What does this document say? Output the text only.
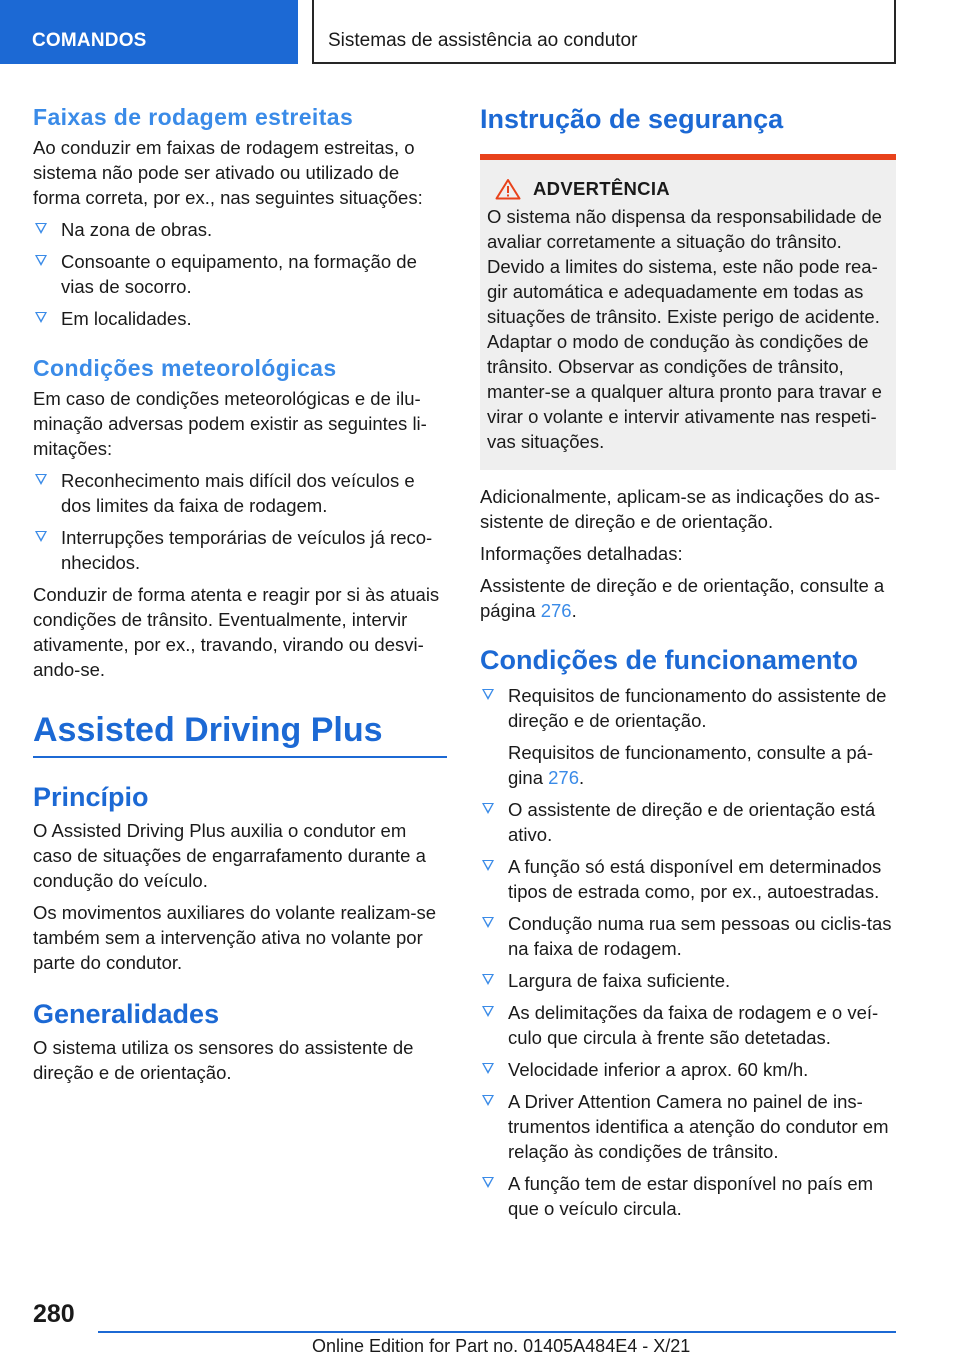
COMANDOS	Sistemas de assistência ao condutor
Faixas de rodagem estreitas

Ao conduzir em faixas de rodagem estreitas, o sistema não pode ser ativado ou utilizado de forma correta, por ex., nas seguintes situações:

Na zona de obras.
Consoante o equipamento, na formação de vias de socorro.
Em localidades.
Condições meteorológicas

Em caso de condições meteorológicas e de ilu-minação adversas podem existir as seguintes li-mitações:

Reconhecimento mais difícil dos veículos e dos limites da faixa de rodagem.
Interrupções temporárias de veículos já reco-nhecidos.

Conduzir de forma atenta e reagir por si às atuais condições de trânsito. Eventualmente, intervir ativamente, por ex., travando, virando ou desvi-ando-se.

Assisted Driving Plus
Princípio

O Assisted Driving Plus auxilia o condutor em caso de situações de engarrafamento durante a condução do veículo.

Os movimentos auxiliares do volante realizam-se também sem a intervenção ativa no volante por parte do condutor.

Generalidades

O sistema utiliza os sensores do assistente de direção e de orientação.

Instrução de segurança
ADVERTÊNCIA

O sistema não dispensa da responsabilidade de avaliar corretamente a situação do trânsito. Devido a limites do sistema, este não pode rea-gir automática e adequadamente em todas as situações de trânsito. Existe perigo de acidente. Adaptar o modo de condução às condições de trânsito. Observar as condições de trânsito, manter-se a qualquer altura pronto para travar e virar o volante e intervir ativamente nas respeti-vas situações.

Adicionalmente, aplicam-se as indicações do as-sistente de direção e de orientação.

Informações detalhadas:

Assistente de direção e de orientação, consulte a página 276.

Condições de funcionamento
Requisitos de funcionamento do assistente de direção e de orientação.
Requisitos de funcionamento, consulte a pá-gina 276.
O assistente de direção e de orientação está ativo.
A função só está disponível em determinados tipos de estrada como, por ex., autoestradas.
Condução numa rua sem pessoas ou ciclis-tas na faixa de rodagem.
Largura de faixa suficiente.
As delimitações da faixa de rodagem e o veí-culo que circula à frente são detetadas.
Velocidade inferior a aprox. 60 km/h.
A Driver Attention Camera no painel de ins-trumentos identifica a atenção do condutor em relação às condições de trânsito.
A função tem de estar disponível no país em que o veículo circula.
280
Online Edition for Part no. 01405A484E4 - X/21
